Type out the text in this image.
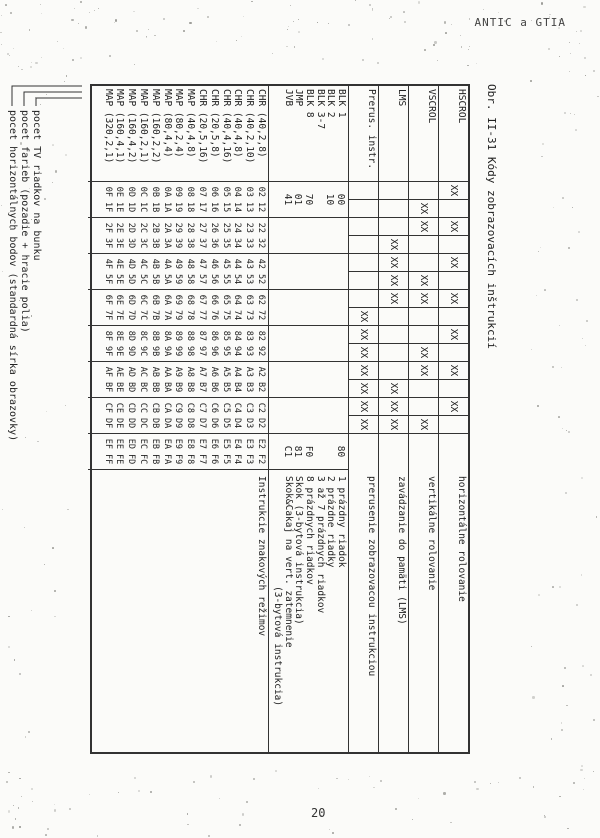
ANTIC a GTIA
Obr. II-31 Kódy zobrazovacích inštrukcií
HSCROL
XX
XX
XX
XX
XX
XX
XX
horizontálne rolovanie
VSCROL
XX
XX
XX
XX
XX
XX
XX
vertikálne rolovanie
LMS
XX
XX
XX
XX
XX
XX
XX
zavádzanie do pamäti (LMS)
Prerus. instr.
XX
XX
XX
XX
XX
XX
XX
prerusenie zobrazovacou instrukciou
BLK 1
BLK 2
BLK 3-7
BLK 8
JMP
JVB
00
10
70
01
41
80
F0
81
C1
1 prázdny riadok
2 prázdne riadky
3 až 7 prázdnych riadkov
8 prázdnych riadkov
Skok (3-bytová instrukcia)
Skok&Cakaj na vert. zatemnenie
(3-bytová instrukcia)
CHR (40,2,8)
CHR (40,2,10)
CHR (40,4,8)
CHR (40,4,16)
CHR (20,5,8)
CHR (20,5,16)
MAP (40,4,8)
MAP (80,2,4)
MAP (80,4,4)
MAP (160,2,2)
MAP (160,2,1)
MAP (160,4,2)
MAP (160,4,1)
MAP (320,2,1)
02 12
03 13
04 14
05 15
06 16
07 17
08 18
09 19
0A 1A
0B 1B
0C 1C
0D 1D
0E 1E
0F 1F
22 32
23 33
24 34
25 35
26 36
27 37
28 38
29 39
2A 3A
2B 3B
2C 3C
2D 3D
2E 3E
2F 3F
42 52
43 53
44 54
45 55
46 56
47 57
48 58
49 59
4A 5A
4B 5B
4C 5C
4D 5D
4E 5E
4F 5F
62 72
63 73
64 74
65 75
66 76
67 77
68 78
69 79
6A 7A
6B 7B
6C 7C
6D 7D
6E 7E
6F 7F
82 92
83 93
84 94
85 95
86 96
87 97
88 98
89 99
8A 9A
8B 9B
8C 9C
8D 9D
8E 9E
8F 9F
A2 B2
A3 B3
A4 B4
A5 B5
A6 B6
A7 B7
A8 B8
A9 B9
AA BA
AB BB
AC BC
AD BD
AE BE
AF BF
C2 D2
C3 D3
C4 D4
C5 D5
C6 D6
C7 D7
C8 D8
C9 D9
CA DA
CB DB
CC DC
CD DD
CE DE
CF DF
E2 F2
E3 F3
E4 F4
E5 F5
E6 F6
E7 F7
E8 F8
E9 F9
EA FA
EB FB
EC FC
ED FD
EE FE
EF FF
Instrukcie znakových režimov
pocet TV riadkov na bunku
pocet farieb (pozadie + hracie polia)
pocet horizontálnych bodov (standardná sírka obrazovky)
20
